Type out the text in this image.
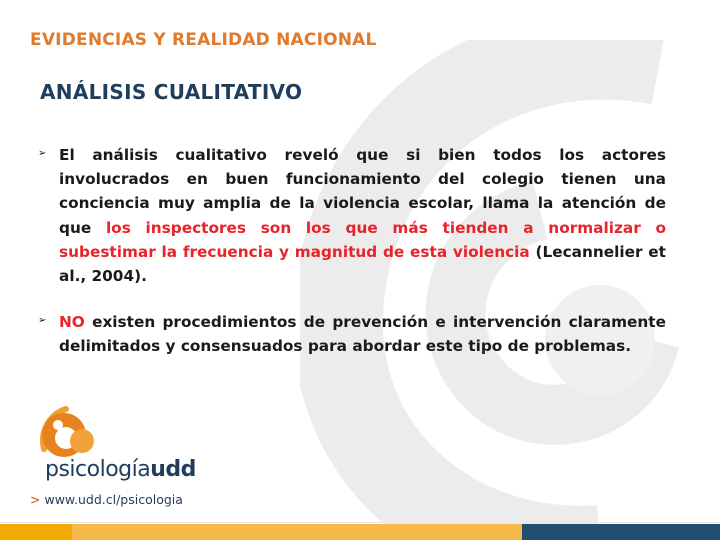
EVIDENCIAS Y REALIDAD NACIONAL
ANÁLISIS CUALITATIVO
➢ El análisis cualitativo reveló que si bien todos los actores involucrados en buen funcionamiento del colegio tienen una conciencia muy amplia de la violencia escolar, llama la atención de que los inspectores son los que más tienden a normalizar o subestimar la frecuencia y magnitud de esta violencia (Lecannelier et al., 2004).
➢ NO existen procedimientos de prevención e intervención claramente delimitados y consensuados para abordar este tipo de problemas.
psicologíaudd
> www.udd.cl/psicologia
